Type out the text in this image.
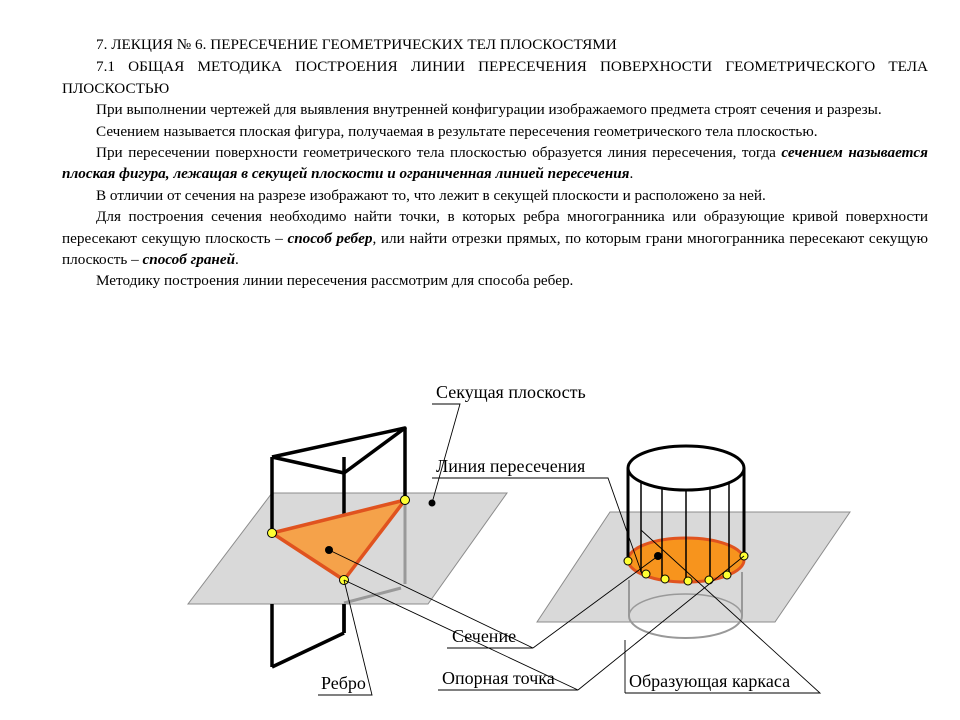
7. ЛЕКЦИЯ № 6. ПЕРЕСЕЧЕНИЕ ГЕОМЕТРИЧЕСКИХ ТЕЛ ПЛОСКОСТЯМИ

7.1 ОБЩАЯ МЕТОДИКА ПОСТРОЕНИЯ ЛИНИИ ПЕРЕСЕЧЕНИЯ ПОВЕРХНОСТИ ГЕОМЕТРИЧЕСКОГО ТЕЛА ПЛОСКОСТЬЮ

При выполнении чертежей для выявления внутренней конфигурации изображаемого предмета строят сечения и разрезы.

Сечением называется плоская фигура, получаемая в результате пересечения геометрического тела плоскостью.

При пересечении поверхности геометрического тела плоскостью образуется линия пересечения, тогда сечением называется плоская фигура, лежащая в секущей плоскости и ограниченная линией пересечения.

В отличии от сечения на разрезе изображают то, что лежит в секущей плоскости и расположено за ней.

Для построения сечения необходимо найти точки, в которых ребра многогранника или образующие кривой поверхности пересекают секущую плоскость – способ ребер, или найти отрезки прямых, по которым грани многогранника пересекают секущую плоскость – способ граней.

Методику построения линии пересечения рассмотрим для способа ребер.

Секущая плоскость
Линия пересечения
Сечение
Опорная точка
Ребро	Образующая каркаса
